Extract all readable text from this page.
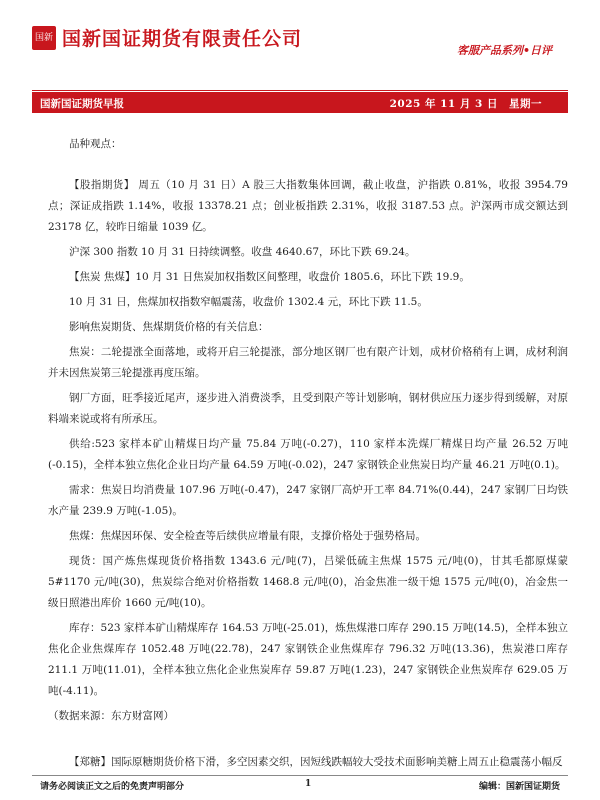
国新 国新国证期货有限责任公司
客服产品系列•日评
国新国证期货早报	2025 年 11 月 3 日　星期一

品种观点：

【股指期货】 周五（10 月 31 日）A 股三大指数集体回调，截止收盘，沪指跌 0.81%，收报 3954.79 点；深证成指跌 1.14%，收报 13378.21 点；创业板指跌 2.31%，收报 3187.53 点。沪深两市成交额达到 23178 亿，较昨日缩量 1039 亿。

沪深 300 指数 10 月 31 日持续调整。收盘 4640.67，环比下跌 69.24。

【焦炭 焦煤】10 月 31 日焦炭加权指数区间整理，收盘价 1805.6，环比下跌 19.9。

10 月 31 日，焦煤加权指数窄幅震荡，收盘价 1302.4 元，环比下跌 11.5。

影响焦炭期货、焦煤期货价格的有关信息：

焦炭：二轮提涨全面落地，或将开启三轮提涨，部分地区钢厂也有限产计划，成材价格稍有上调，成材利润并未因焦炭第三轮提涨再度压缩。

钢厂方面，旺季接近尾声，逐步进入消费淡季，且受到限产等计划影响，钢材供应压力逐步得到缓解，对原料端来说或将有所承压。

供给:523 家样本矿山精煤日均产量 75.84 万吨(-0.27)，110 家样本洗煤厂精煤日均产量 26.52 万吨(-0.15)，全样本独立焦化企业日均产量 64.59 万吨(-0.02)，247 家钢铁企业焦炭日均产量 46.21 万吨(0.1)。

需求：焦炭日均消费量 107.96 万吨(-0.47)，247 家钢厂高炉开工率 84.71%(0.44)，247 家钢厂日均铁水产量 239.9 万吨(-1.05)。

焦煤：焦煤因环保、安全检查等后续供应增量有限，支撑价格处于强势格局。

现货：国产炼焦煤现货价格指数 1343.6 元/吨(7)，吕梁低硫主焦煤 1575 元/吨(0)，甘其毛都原煤蒙 5#1170 元/吨(30)，焦炭综合绝对价格指数 1468.8 元/吨(0)，冶金焦准一级干熄 1575 元/吨(0)，冶金焦一级日照港出库价 1660 元/吨(10)。

库存：523 家样本矿山精煤库存 164.53 万吨(-25.01)，炼焦煤港口库存 290.15 万吨(14.5)，全样本独立焦化企业焦煤库存 1052.48 万吨(22.78)，247 家钢铁企业焦煤库存 796.32 万吨(13.36)，焦炭港口库存 211.1 万吨(11.01)，全样本独立焦化企业焦炭库存 59.87 万吨(1.23)，247 家钢铁企业焦炭库存 629.05 万吨(-4.11)。

（数据来源：东方财富网）

【郑糖】国际原糖期货价格下滑，多空因素交织，因短线跌幅较大受技术面影响美糖上周五止稳震荡小幅反
请务必阅读正文之后的免责声明部分	1	编辑：国新国证期货
